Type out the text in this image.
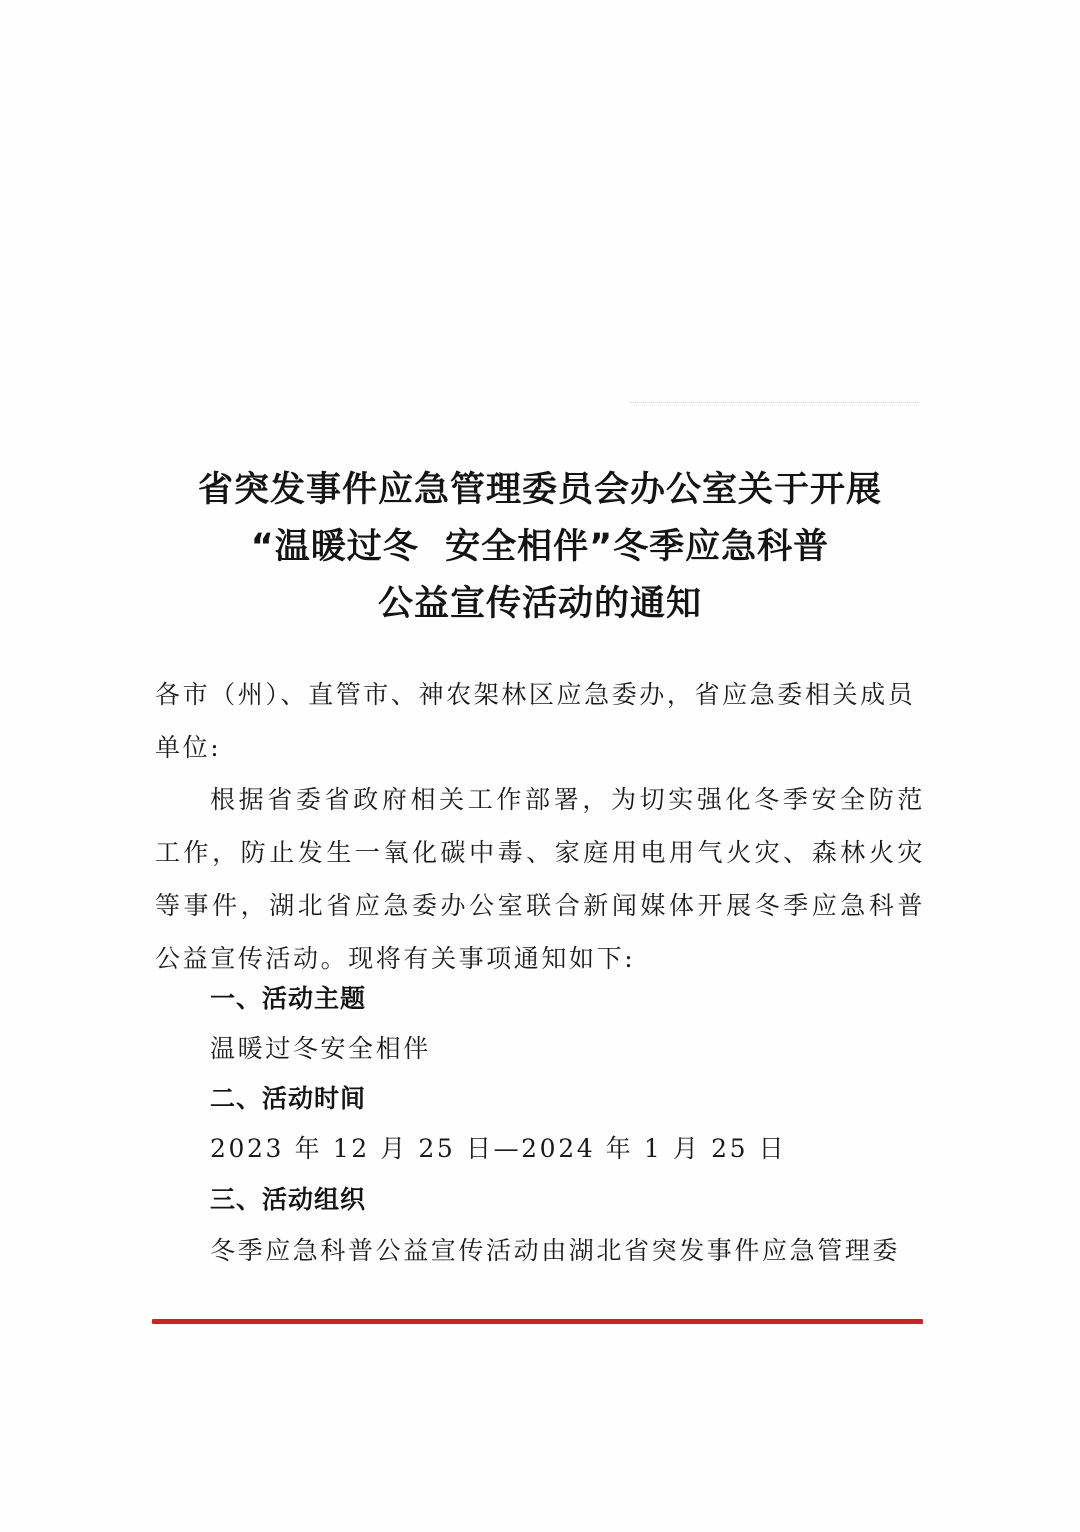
省突发事件应急管理委员会办公室关于开展
“温暖过冬  安全相伴”冬季应急科普
公益宣传活动的通知
各市（州）、直管市、神农架林区应急委办，省应急委相关成员单位:
根据省委省政府相关工作部署，为切实强化冬季安全防范工作，防止发生一氧化碳中毒、家庭用电用气火灾、森林火灾等事件，湖北省应急委办公室联合新闻媒体开展冬季应急科普公益宣传活动。现将有关事项通知如下:
一、活动主题
温暖过冬安全相伴
二、活动时间
2023 年 12 月 25 日—2024 年 1 月 25 日
三、活动组织
冬季应急科普公益宣传活动由湖北省突发事件应急管理委
